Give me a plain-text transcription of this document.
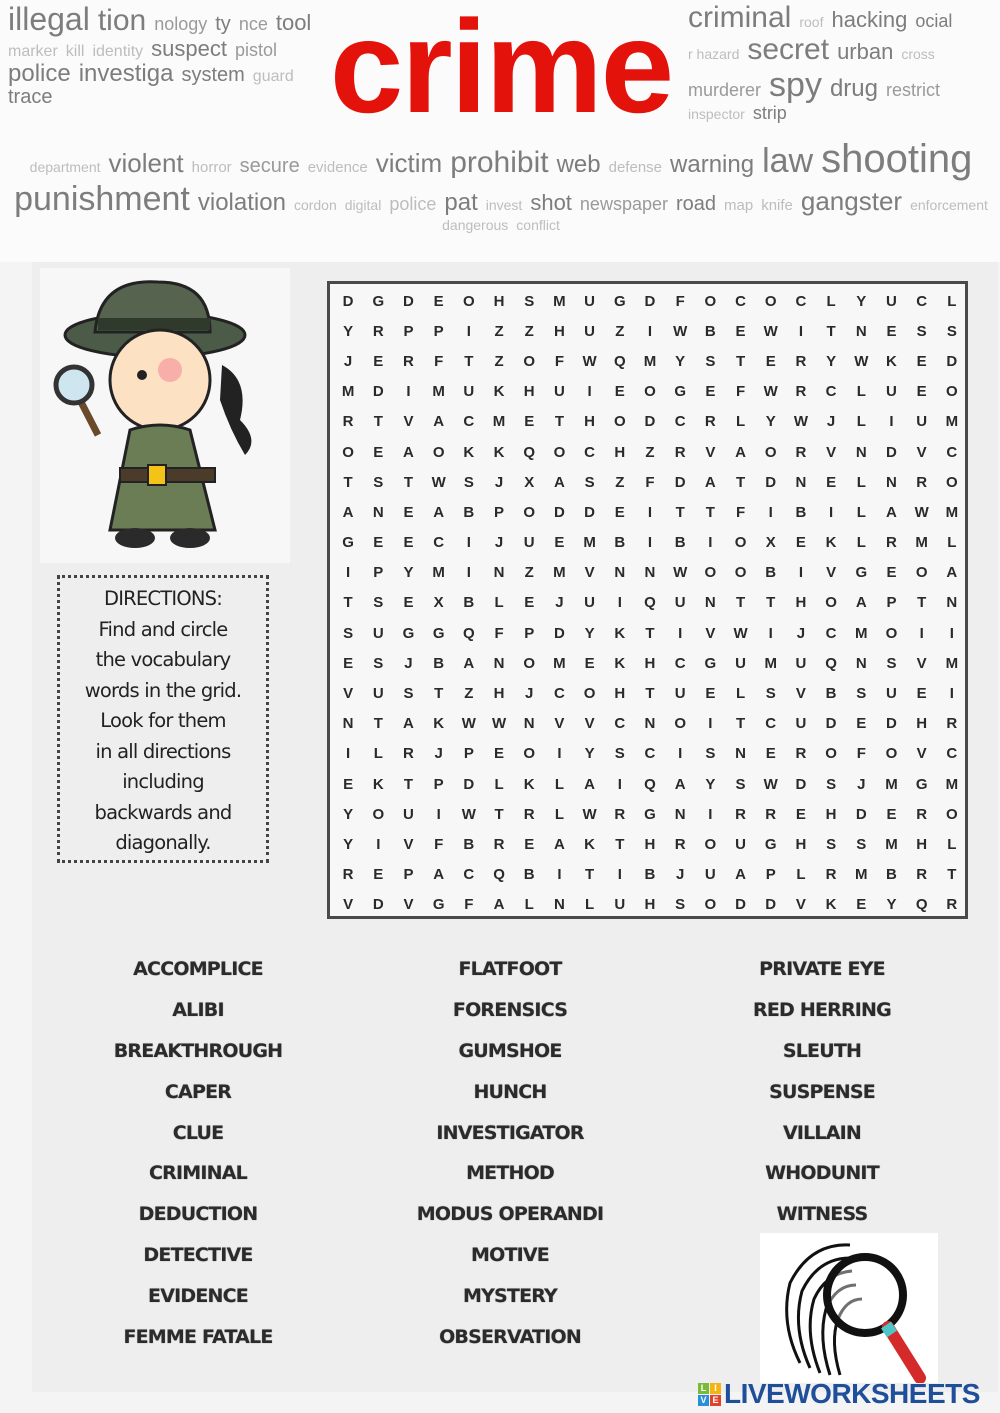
illegal tion nology ty nce tool
marker kill identity suspect pistol
police investiga system guard
trace crime criminal roof hacking ocial
r hazard secret urban cross
murderer spy drug restrict
inspector strip
department violent horror secure evidence victim prohibit web defense warning law shooting
punishment violation cordon digital police pat invest shot newspaper road map knife gangster enforcement
dangerous conflict
DIRECTIONS:
Find and circle
the vocabulary
words in the grid.
Look for them
in all directions
including
backwards and
diagonally.
D	G	D	E	O	H	S	M	U	G	D	F	O	C	O	C	L	Y	U	C	L
Y	R	P	P	I	Z	Z	H	U	Z	I	W	B	E	W	I	T	N	E	S	S
J	E	R	F	T	Z	O	F	W	Q	M	Y	S	T	E	R	Y	W	K	E	D
M	D	I	M	U	K	H	U	I	E	O	G	E	F	W	R	C	L	U	E	O
R	T	V	A	C	M	E	T	H	O	D	C	R	L	Y	W	J	L	I	U	M
O	E	A	O	K	K	Q	O	C	H	Z	R	V	A	O	R	V	N	D	V	C
T	S	T	W	S	J	X	A	S	Z	F	D	A	T	D	N	E	L	N	R	O
A	N	E	A	B	P	O	D	D	E	I	T	T	F	I	B	I	L	A	W	M
G	E	E	C	I	J	U	E	M	B	I	B	I	O	X	E	K	L	R	M	L
I	P	Y	M	I	N	Z	M	V	N	N	W	O	O	B	I	V	G	E	O	A
T	S	E	X	B	L	E	J	U	I	Q	U	N	T	T	H	O	A	P	T	N
S	U	G	G	Q	F	P	D	Y	K	T	I	V	W	I	J	C	M	O	I	I
E	S	J	B	A	N	O	M	E	K	H	C	G	U	M	U	Q	N	S	V	M
V	U	S	T	Z	H	J	C	O	H	T	U	E	L	S	V	B	S	U	E	I
N	T	A	K	W	W	N	V	V	C	N	O	I	T	C	U	D	E	D	H	R
I	L	R	J	P	E	O	I	Y	S	C	I	S	N	E	R	O	F	O	V	C
E	K	T	P	D	L	K	L	A	I	Q	A	Y	S	W	D	S	J	M	G	M
Y	O	U	I	W	T	R	L	W	R	G	N	I	R	R	E	H	D	E	R	O
Y	I	V	F	B	R	E	A	K	T	H	R	O	U	G	H	S	S	M	H	L
R	E	P	A	C	Q	B	I	T	I	B	J	U	A	P	L	R	M	B	R	T
V	D	V	G	F	A	L	N	L	U	H	S	O	D	D	V	K	E	Y	Q	R
ACCOMPLICE
ALIBI
BREAKTHROUGH
CAPER
CLUE
CRIMINAL
DEDUCTION
DETECTIVE
EVIDENCE
FEMME FATALE
FLATFOOT
FORENSICS
GUMSHOE
HUNCH
INVESTIGATOR
METHOD
MODUS OPERANDI
MOTIVE
MYSTERY
OBSERVATION
PRIVATE EYE
RED HERRING
SLEUTH
SUSPENSE
VILLAIN
WHODUNIT
WITNESS
L I
V E LIVEWORKSHEETS
